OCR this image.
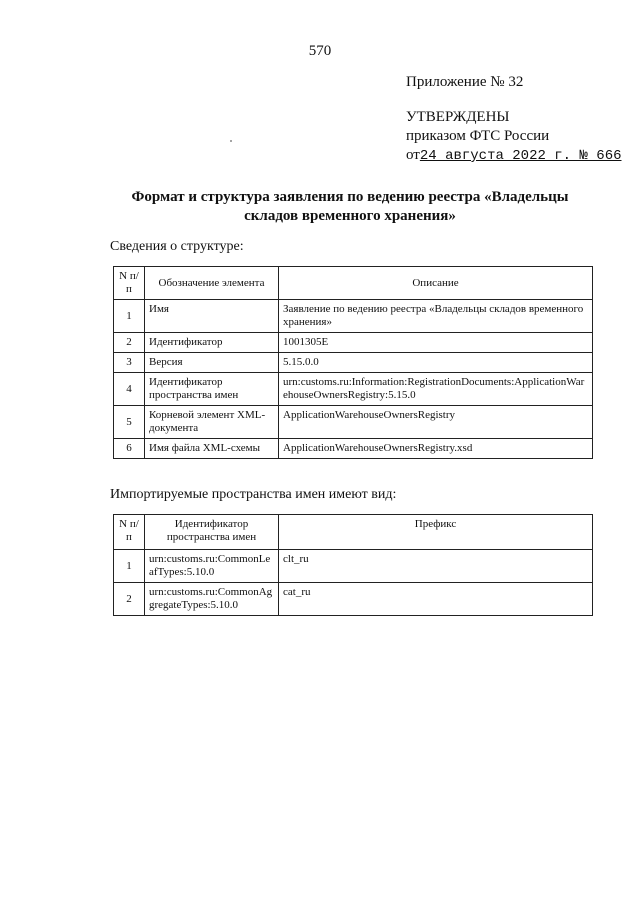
570
Приложение № 32
УТВЕРЖДЕНЫ
приказом ФТС России
от24 августа 2022 г. № 666
Формат и структура заявления по ведению реестра «Владельцы складов временного хранения»
Сведения о структуре:
N п/п	Обозначение элемента	Описание
1	Имя	Заявление по ведению реестра «Владельцы складов временного хранения»
2	Идентификатор	1001305E
3	Версия	5.15.0.0
4	Идентификатор пространства имен	urn:customs.ru:Information:RegistrationDocuments:ApplicationWarehouseOwnersRegistry:5.15.0
5	Корневой элемент XML-документа	ApplicationWarehouseOwnersRegistry
6	Имя файла XML-схемы	ApplicationWarehouseOwnersRegistry.xsd
Импортируемые пространства имен имеют вид:
N п/п	Идентификатор пространства имен	Префикс
1	urn:customs.ru:CommonLeafTypes:5.10.0	clt_ru
2	urn:customs.ru:CommonAggregateTypes:5.10.0	cat_ru
